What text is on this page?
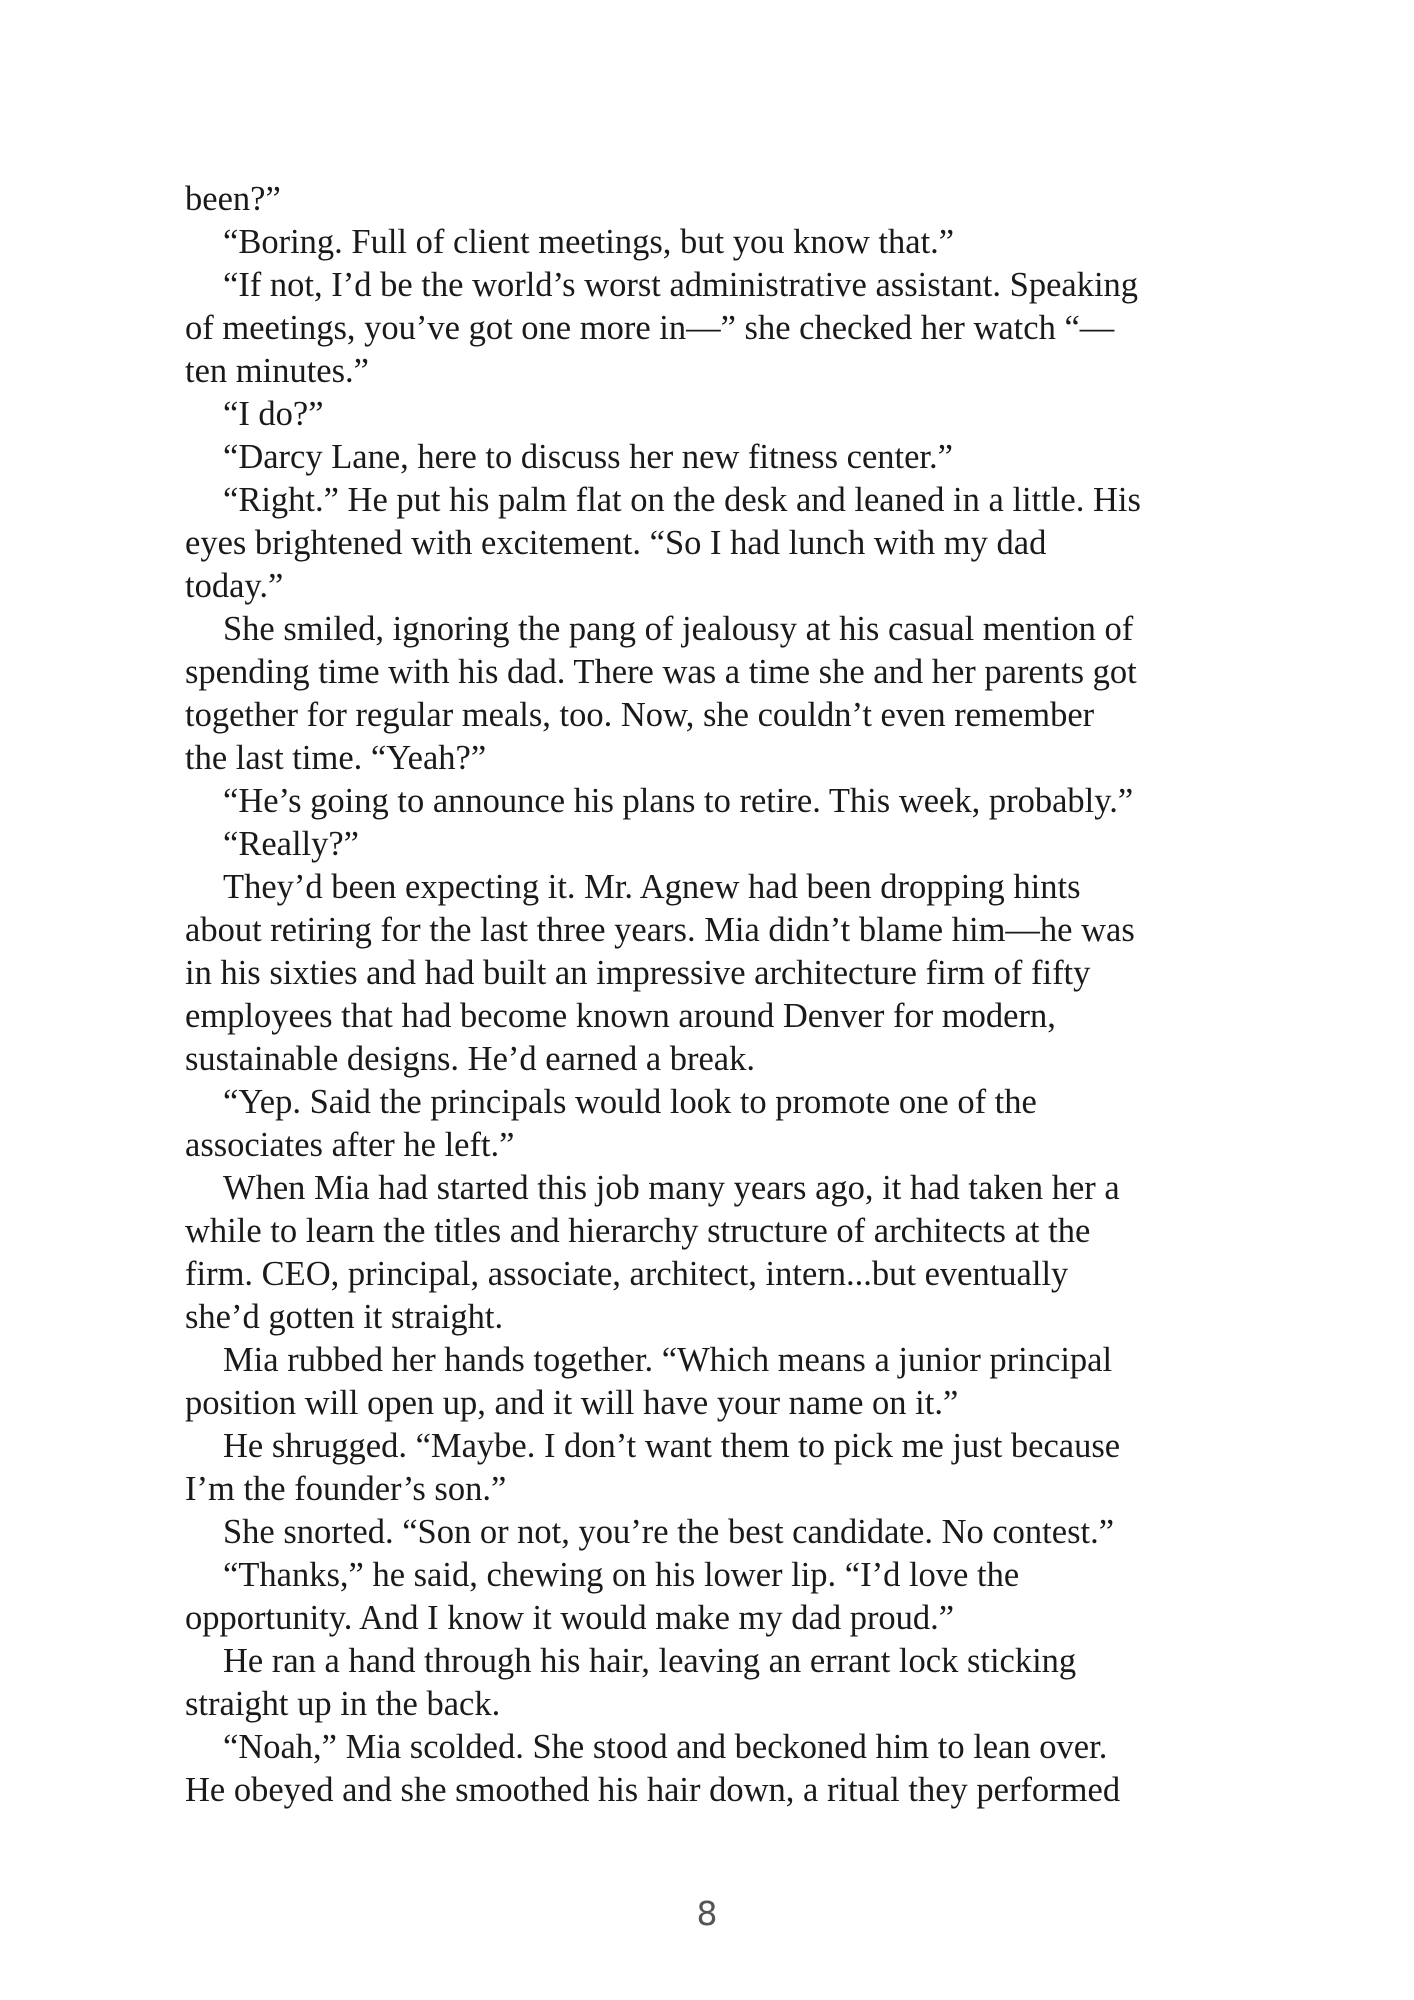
been?”
“Boring. Full of client meetings, but you know that.”
“If not, I’d be the world’s worst administrative assistant. Speaking
of meetings, you’ve got one more in—” she checked her watch “—
ten minutes.”
“I do?”
“Darcy Lane, here to discuss her new fitness center.”
“Right.” He put his palm flat on the desk and leaned in a little. His
eyes brightened with excitement. “So I had lunch with my dad
today.”
She smiled, ignoring the pang of jealousy at his casual mention of
spending time with his dad. There was a time she and her parents got
together for regular meals, too. Now, she couldn’t even remember
the last time. “Yeah?”
“He’s going to announce his plans to retire. This week, probably.”
“Really?”
They’d been expecting it. Mr. Agnew had been dropping hints
about retiring for the last three years. Mia didn’t blame him—he was
in his sixties and had built an impressive architecture firm of fifty
employees that had become known around Denver for modern,
sustainable designs. He’d earned a break.
“Yep. Said the principals would look to promote one of the
associates after he left.”
When Mia had started this job many years ago, it had taken her a
while to learn the titles and hierarchy structure of architects at the
firm. CEO, principal, associate, architect, intern...but eventually
she’d gotten it straight.
Mia rubbed her hands together. “Which means a junior principal
position will open up, and it will have your name on it.”
He shrugged. “Maybe. I don’t want them to pick me just because
I’m the founder’s son.”
She snorted. “Son or not, you’re the best candidate. No contest.”
“Thanks,” he said, chewing on his lower lip. “I’d love the
opportunity. And I know it would make my dad proud.”
He ran a hand through his hair, leaving an errant lock sticking
straight up in the back.
“Noah,” Mia scolded. She stood and beckoned him to lean over.
He obeyed and she smoothed his hair down, a ritual they performed
8
